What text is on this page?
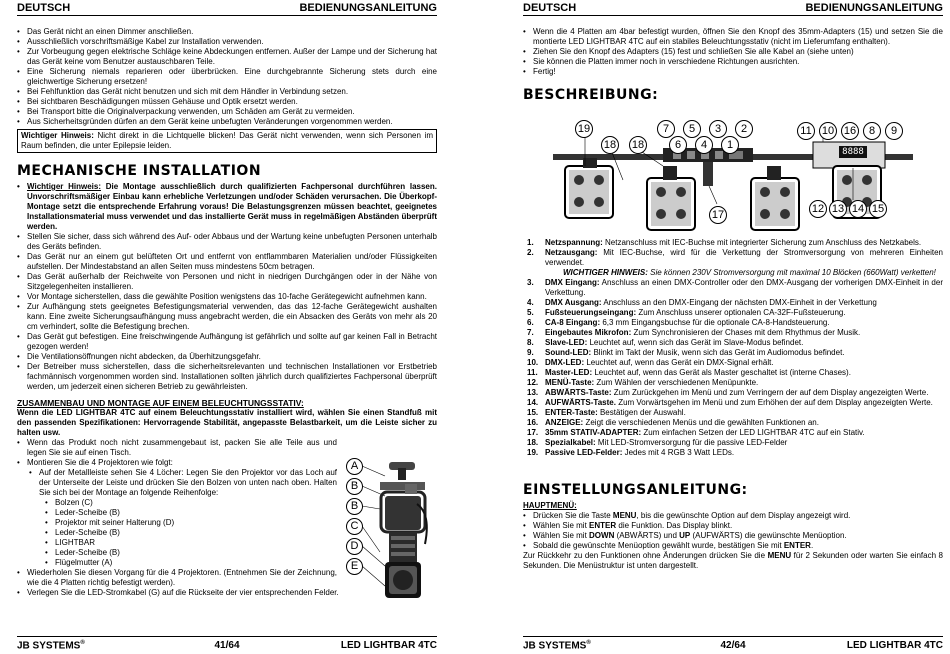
DEUTSCH	BEDIENUNGSANLEITUNG
• Das Gerät nicht an einen Dimmer anschließen.
• Ausschließlich vorschriftsmäßige Kabel zur Installation verwenden.
• Zur Vorbeugung gegen elektrische Schläge keine Abdeckungen entfernen. Außer der Lampe und der Sicherung hat das Gerät keine vom Benutzer austauschbaren Teile.
• Eine Sicherung niemals reparieren oder überbrücken. Eine durchgebrannte Sicherung stets durch eine gleichwertige Sicherung ersetzen!
• Bei Fehlfunktion das Gerät nicht benutzen und sich mit dem Händler in Verbindung setzen.
• Bei sichtbaren Beschädigungen müssen Gehäuse und Optik ersetzt werden.
• Bei Transport bitte die Originalverpackung verwenden, um Schäden am Gerät zu vermeiden.
• Aus Sicherheitsgründen dürfen an dem Gerät keine unbefugten Veränderungen vorgenommen werden.
Wichtiger Hinweis: Nicht direkt in die Lichtquelle blicken! Das Gerät nicht verwenden, wenn sich Personen im Raum befinden, die unter Epilepsie leiden.
MECHANISCHE INSTALLATION
• Wichtiger Hinweis: Die Montage ausschließlich durch qualifizierten Fachpersonal durchführen lassen. Unvorschriftsmäßiger Einbau kann erhebliche Verletzungen und/oder Schäden verursachen. Die Überkopf-Montage setzt die entsprechende Erfahrung voraus! Die Belastungsgrenzen müssen beachtet, geeignetes Installationsmaterial muss verwendet und das installierte Gerät muss in regelmäßigen Abständen überprüft werden.
• Stellen Sie sicher, dass sich während des Auf- oder Abbaus und der Wartung keine unbefugten Personen unterhalb des Geräts befinden.
• Das Gerät nur an einem gut belüfteten Ort und entfernt von entflammbaren Materialien und/oder Flüssigkeiten aufstellen. Der Mindestabstand an allen Seiten muss mindestens 50cm betragen.
• Das Gerät außerhalb der Reichweite von Personen und nicht in niedrigen Durchgängen oder in der Nähe von Sitzgelegenheiten installieren.
• Vor Montage sicherstellen, dass die gewählte Position wenigstens das 10-fache Gerätegewicht aufnehmen kann.
• Zur Aufhängung stets geeignetes Befestigungsmaterial verwenden, das das 12-fache Gerätegewicht aushalten kann. Eine zweite Sicherungsaufhängung muss angebracht werden, die ein Absacken des Geräts von mehr als 20 cm verhindert, sollte die Befestigung brechen.
• Das Gerät gut befestigen. Eine freischwingende Aufhängung ist gefährlich und sollte auf gar keinen Fall in Betracht gezogen werden!
• Die Ventilationsöffnungen nicht abdecken, da Überhitzungsgefahr.
• Der Betreiber muss sicherstellen, dass die sicherheitsrelevanten und technischen Installationen vor Erstbetrieb fachmännisch vorgenommen worden sind. Installationen sollten jährlich durch qualifiziertes Fachpersonal überprüft werden, um jederzeit einen sicheren Betrieb zu gewährleisten.
ZUSAMMENBAU UND MONTAGE AUF EINEM BELEUCHTUNGSSTATIV:
Wenn die LED LIGHTBAR 4TC auf einem Beleuchtungsstativ installiert wird, wählen Sie einen Standfuß mit den passenden Spezifikationen: Hervorragende Stabilität, angepasste Belastbarkeit, um die Leiste sicher zu halten usw.
• Wenn das Produkt noch nicht zusammengebaut ist, packen Sie alle Teile aus und legen Sie sie auf einen Tisch.
• Montieren Sie die 4 Projektoren wie folgt:
• Auf der Metallleiste sehen Sie 4 Löcher: Legen Sie den Projektor vor das Loch auf der Unterseite der Leiste und drücken Sie den Bolzen von unten nach oben. Halten Sie sich bei der Montage an folgende Reihenfolge:
• Bolzen (C)
• Leder-Scheibe (B)
• Projektor mit seiner Halterung (D)
• Leder-Scheibe (B)
• LIGHTBAR
• Leder-Scheibe (B)
• Flügelmutter (A)
• Wiederholen Sie diesen Vorgang für die 4 Projektoren. (Entnehmen Sie der Zeichnung, wie die 4 Platten richtig befestigt werden).
• Verlegen Sie die LED-Stromkabel (G) auf die Rückseite der vier entsprechenden Felder.
A
B
B
C
D
E
JB SYSTEMS®	41/64	LED LIGHTBAR 4TC
DEUTSCH	BEDIENUNGSANLEITUNG
• Wenn die 4 Platten am 4bar befestigt wurden, öffnen Sie den Knopf des 35mm-Adapters (15) und setzen Sie die montierte LED LIGHTBAR 4TC auf ein stabiles Beleuchtungsstativ (nicht im Lieferumfang enthalten).
• Ziehen Sie den Knopf des Adapters (15) fest und schließen Sie alle Kabel an (siehe unten)
• Sie können die Platten immer noch in verschiedene Richtungen ausrichten.
• Fertig!
BESCHREIBUNG:
19
18 18
7	5	3	2
6	4	1
11 10 16	8	9
17	12 13 14 15
8888
1. Netzspannung: Netzanschluss mit IEC-Buchse mit integrierter Sicherung zum Anschluss des Netzkabels.
2. Netzausgang: Mit IEC-Buchse, wird für die Verkettung der Stromversorgung von mehreren Einheiten verwendet.
WICHTIGER HINWEIS: Sie können 230V Stromversorgung mit maximal 10 Blöcken (660Watt) verketten!
3. DMX Eingang: Anschluss an einen DMX-Controller oder den DMX-Ausgang der vorherigen DMX-Einheit in der Verkettung.
4. DMX Ausgang: Anschluss an den DMX-Eingang der nächsten DMX-Einheit in der Verkettung
5. Fußsteuerungseingang: Zum Anschluss unserer optionalen CA-32F-Fußsteuerung.
6. CA-8 Eingang: 6,3 mm Eingangsbuchse für die optionale CA-8-Handsteuerung.
7. Eingebautes Mikrofon: Zum Synchronisieren der Chases mit dem Rhythmus der Musik.
8. Slave-LED: Leuchtet auf, wenn sich das Gerät im Slave-Modus befindet.
9. Sound-LED: Blinkt im Takt der Musik, wenn sich das Gerät im Audiomodus befindet.
10. DMX-LED: Leuchtet auf, wenn das Gerät ein DMX-Signal erhält.
11. Master-LED: Leuchtet auf, wenn das Gerät als Master geschaltet ist (interne Chases).
12. MENÜ-Taste: Zum Wählen der verschiedenen Menüpunkte.
13. ABWÄRTS-Taste: Zum Zurückgehen im Menü und zum Verringern der auf dem Display angezeigten Werte.
14. AUFWÄRTS-Taste. Zum Vorwärtsgehen im Menü und zum Erhöhen der auf dem Display angezeigten Werte.
15. ENTER-Taste: Bestätigen der Auswahl.
16. ANZEIGE: Zeigt die verschiedenen Menüs und die gewählten Funktionen an.
17. 35mm STATIV-ADAPTER: Zum einfachen Setzen der LED LIGHTBAR 4TC auf ein Stativ.
18. Spezialkabel: Mit LED-Stromversorgung für die passive LED-Felder
19. Passive LED-Felder: Jedes mit 4 RGB 3 Watt LEDs.
EINSTELLUNGSANLEITUNG:
HAUPTMENÜ:
• Drücken Sie die Taste MENU, bis die gewünschte Option auf dem Display angezeigt wird.
• Wählen Sie mit ENTER die Funktion. Das Display blinkt.
• Wählen Sie mit DOWN (ABWÄRTS) und UP (AUFWÄRTS) die gewünschte Menüoption.
• Sobald die gewünschte Menüoption gewählt wurde, bestätigen Sie mit ENTER.
Zur Rückkehr zu den Funktionen ohne Änderungen drücken Sie die MENU für 2 Sekunden oder warten Sie einfach 8 Sekunden. Die Menüstruktur ist unten dargestellt.
JB SYSTEMS®	42/64	LED LIGHTBAR 4TC
